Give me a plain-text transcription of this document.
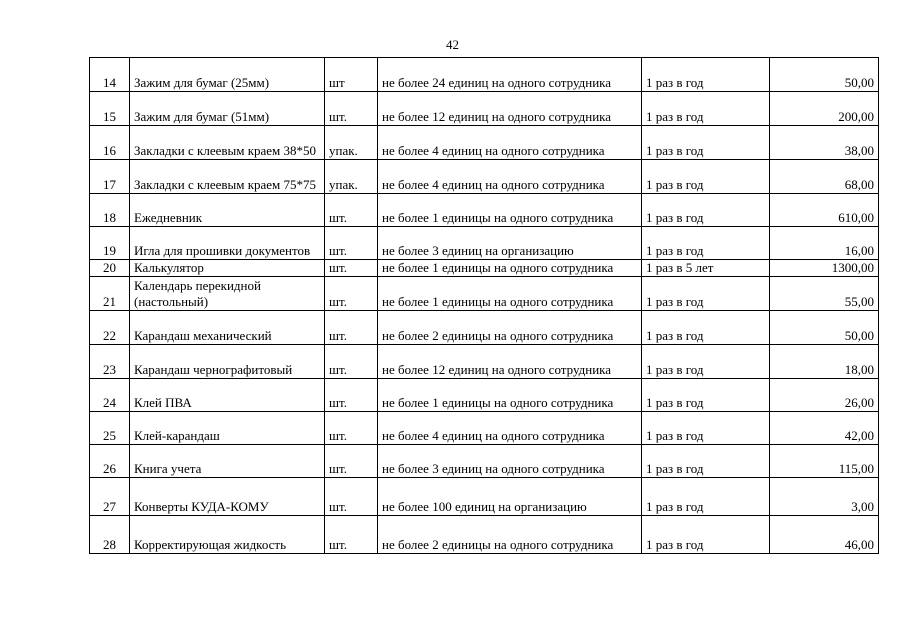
42
14	Зажим для бумаг (25мм)	шт	не более 24 единиц на одного сотрудника	1 раз в год	50,00
15	Зажим для бумаг (51мм)	шт.	не более 12 единиц на одного сотрудника	1 раз в год	200,00
16	Закладки с клеевым краем 38*50	упак.	не более 4 единиц на одного сотрудника	1 раз в год	38,00
17	Закладки с клеевым краем 75*75	упак.	не более 4 единиц на одного сотрудника	1 раз в год	68,00
18	Ежедневник	шт.	не более 1 единицы на одного сотрудника	1 раз в год	610,00
19	Игла для прошивки документов	шт.	не более 3 единиц на организацию	1 раз в год	16,00
20	Калькулятор	шт.	не более 1 единицы на одного сотрудника	1 раз в 5 лет	1300,00
21	Календарь перекидной (настольный)	шт.	не более 1 единицы на одного сотрудника	1 раз в год	55,00
22	Карандаш механический	шт.	не более 2 единицы на одного сотрудника	1 раз в год	50,00
23	Карандаш чернографитовый	шт.	не более 12 единиц на одного сотрудника	1 раз в год	18,00
24	Клей ПВА	шт.	не более 1 единицы на одного сотрудника	1 раз в год	26,00
25	Клей-карандаш	шт.	не более 4 единиц на одного сотрудника	1 раз в год	42,00
26	Книга учета	шт.	не более 3 единиц на одного сотрудника	1 раз в год	115,00
27	Конверты КУДА-КОМУ	шт.	не более 100 единиц на организацию	1 раз в год	3,00
28	Корректирующая жидкость	шт.	не более 2 единицы на одного сотрудника	1 раз в год	46,00
